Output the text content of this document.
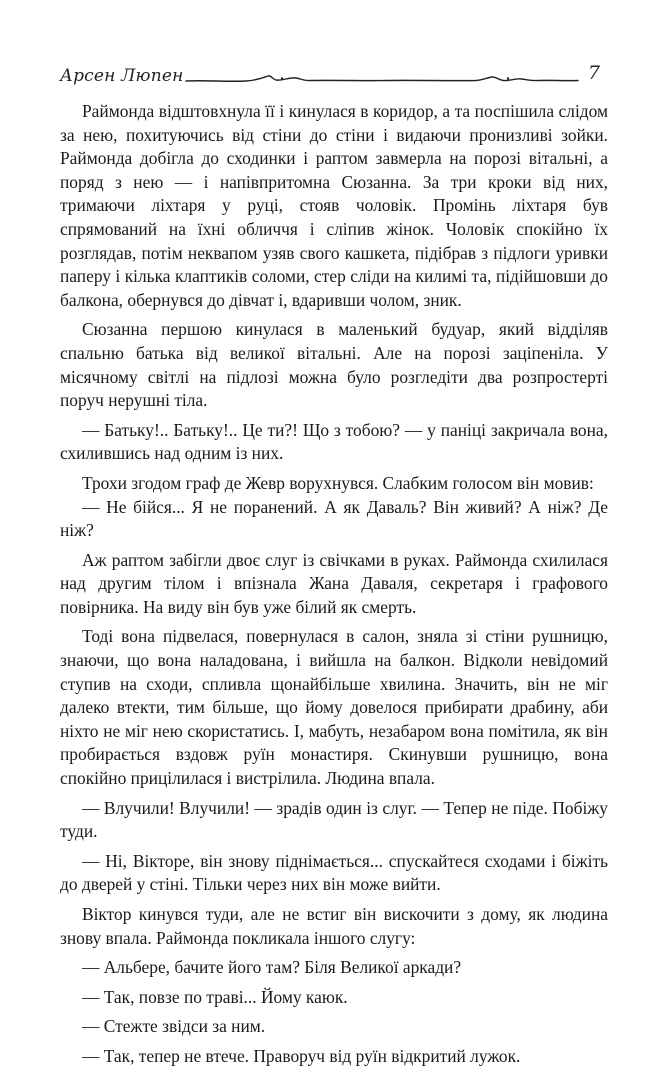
Арсен Люпен	7

Раймонда відштовхнула її і кинулася в коридор, а та поспішила слідом за нею, похитуючись від стіни до стіни і видаючи пронизливі зойки. Раймонда добігла до сходинки і раптом завмерла на порозі вітальні, а поряд з нею — і напівпритомна Сюзанна. За три кроки від них, тримаючи ліхтаря у руці, стояв чоловік. Промінь ліхтаря був спрямований на їхні обличчя і сліпив жінок. Чоловік спокійно їх розглядав, потім неквапом узяв свого кашкета, підібрав з підлоги уривки паперу і кілька клаптиків соломи, стер сліди на килимі та, підійшовши до балкона, обернувся до дівчат і, вдаривши чолом, зник.

Сюзанна першою кинулася в маленький будуар, який відділяв спальню батька від великої вітальні. Але на порозі заціпеніла. У місячному світлі на підлозі можна було розгледіти два розпростерті поруч нерушні тіла.

— Батьку!.. Батьку!.. Це ти?! Що з тобою? — у паніці закричала вона, схилившись над одним із них.

Трохи згодом граф де Жевр ворухнувся. Слабким голосом він мовив:

— Не бійся... Я не поранений. А як Даваль? Він живий? А ніж? Де ніж?

Аж раптом забігли двоє слуг із свічками в руках. Раймонда схилилася над другим тілом і впізнала Жана Даваля, секретаря і графового повірника. На виду він був уже білий як смерть.

Тоді вона підвелася, повернулася в салон, зняла зі стіни рушницю, знаючи, що вона наладована, і вийшла на балкон. Відколи невідомий ступив на сходи, спливла щонайбільше хвилина. Значить, він не міг далеко втекти, тим більше, що йому довелося прибирати драбину, аби ніхто не міг нею скористатись. І, мабуть, незабаром вона помітила, як він пробирається вздовж руїн монастиря. Скинувши рушницю, вона спокійно прицілилася і вистрілила. Людина впала.

— Влучили! Влучили! — зрадів один із слуг. — Тепер не піде. Побіжу туди.

— Ні, Вікторе, він знову піднімається... спускайтеся сходами і біжіть до дверей у стіні. Тільки через них він може вийти.

Віктор кинувся туди, але не встиг він вискочити з дому, як людина знову впала. Раймонда покликала іншого слугу:

— Альбере, бачите його там? Біля Великої аркади?

— Так, повзе по траві... Йому каюк.

— Стежте звідси за ним.

— Так, тепер не втече. Праворуч від руїн відкритий лужок.
